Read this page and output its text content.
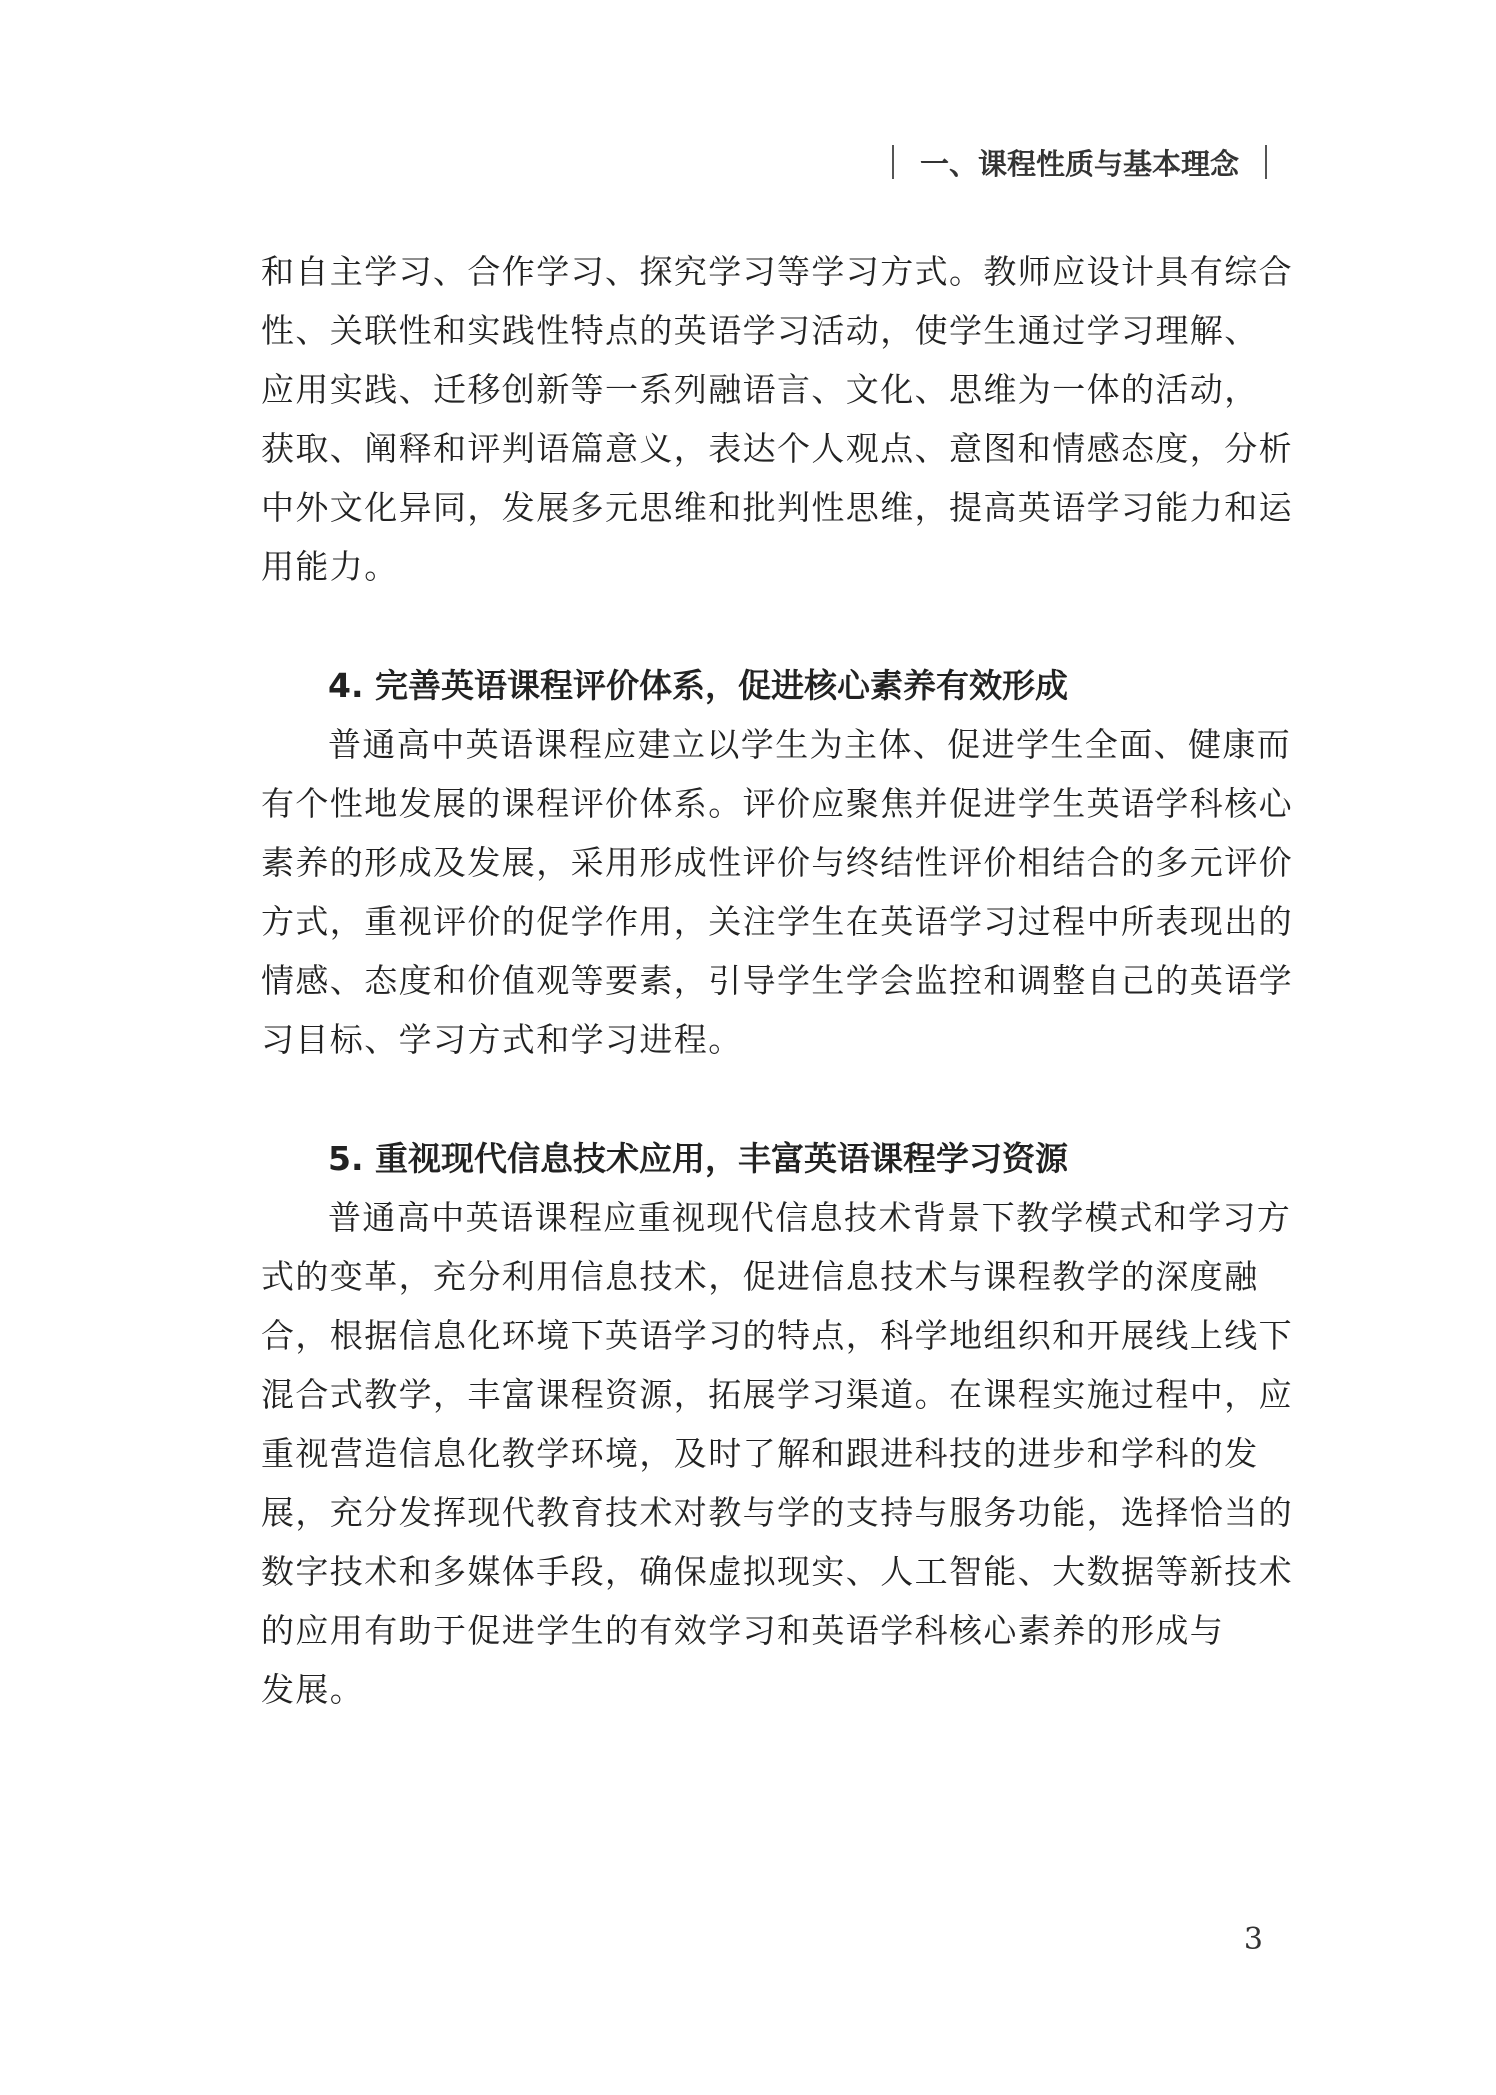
一、课程性质与基本理念
和自主学习、合作学习、探究学习等学习方式。教师应设计具有综合
性、关联性和实践性特点的英语学习活动，使学生通过学习理解、
应用实践、迁移创新等一系列融语言、文化、思维为一体的活动，
获取、阐释和评判语篇意义，表达个人观点、意图和情感态度，分析
中外文化异同，发展多元思维和批判性思维，提高英语学习能力和运
用能力。
4. 完善英语课程评价体系，促进核心素养有效形成
普通高中英语课程应建立以学生为主体、促进学生全面、健康而
有个性地发展的课程评价体系。评价应聚焦并促进学生英语学科核心
素养的形成及发展，采用形成性评价与终结性评价相结合的多元评价
方式，重视评价的促学作用，关注学生在英语学习过程中所表现出的
情感、态度和价值观等要素，引导学生学会监控和调整自己的英语学
习目标、学习方式和学习进程。
5. 重视现代信息技术应用，丰富英语课程学习资源
普通高中英语课程应重视现代信息技术背景下教学模式和学习方
式的变革，充分利用信息技术，促进信息技术与课程教学的深度融
合，根据信息化环境下英语学习的特点，科学地组织和开展线上线下
混合式教学，丰富课程资源，拓展学习渠道。在课程实施过程中，应
重视营造信息化教学环境，及时了解和跟进科技的进步和学科的发
展，充分发挥现代教育技术对教与学的支持与服务功能，选择恰当的
数字技术和多媒体手段，确保虚拟现实、人工智能、大数据等新技术
的应用有助于促进学生的有效学习和英语学科核心素养的形成与
发展。
3
